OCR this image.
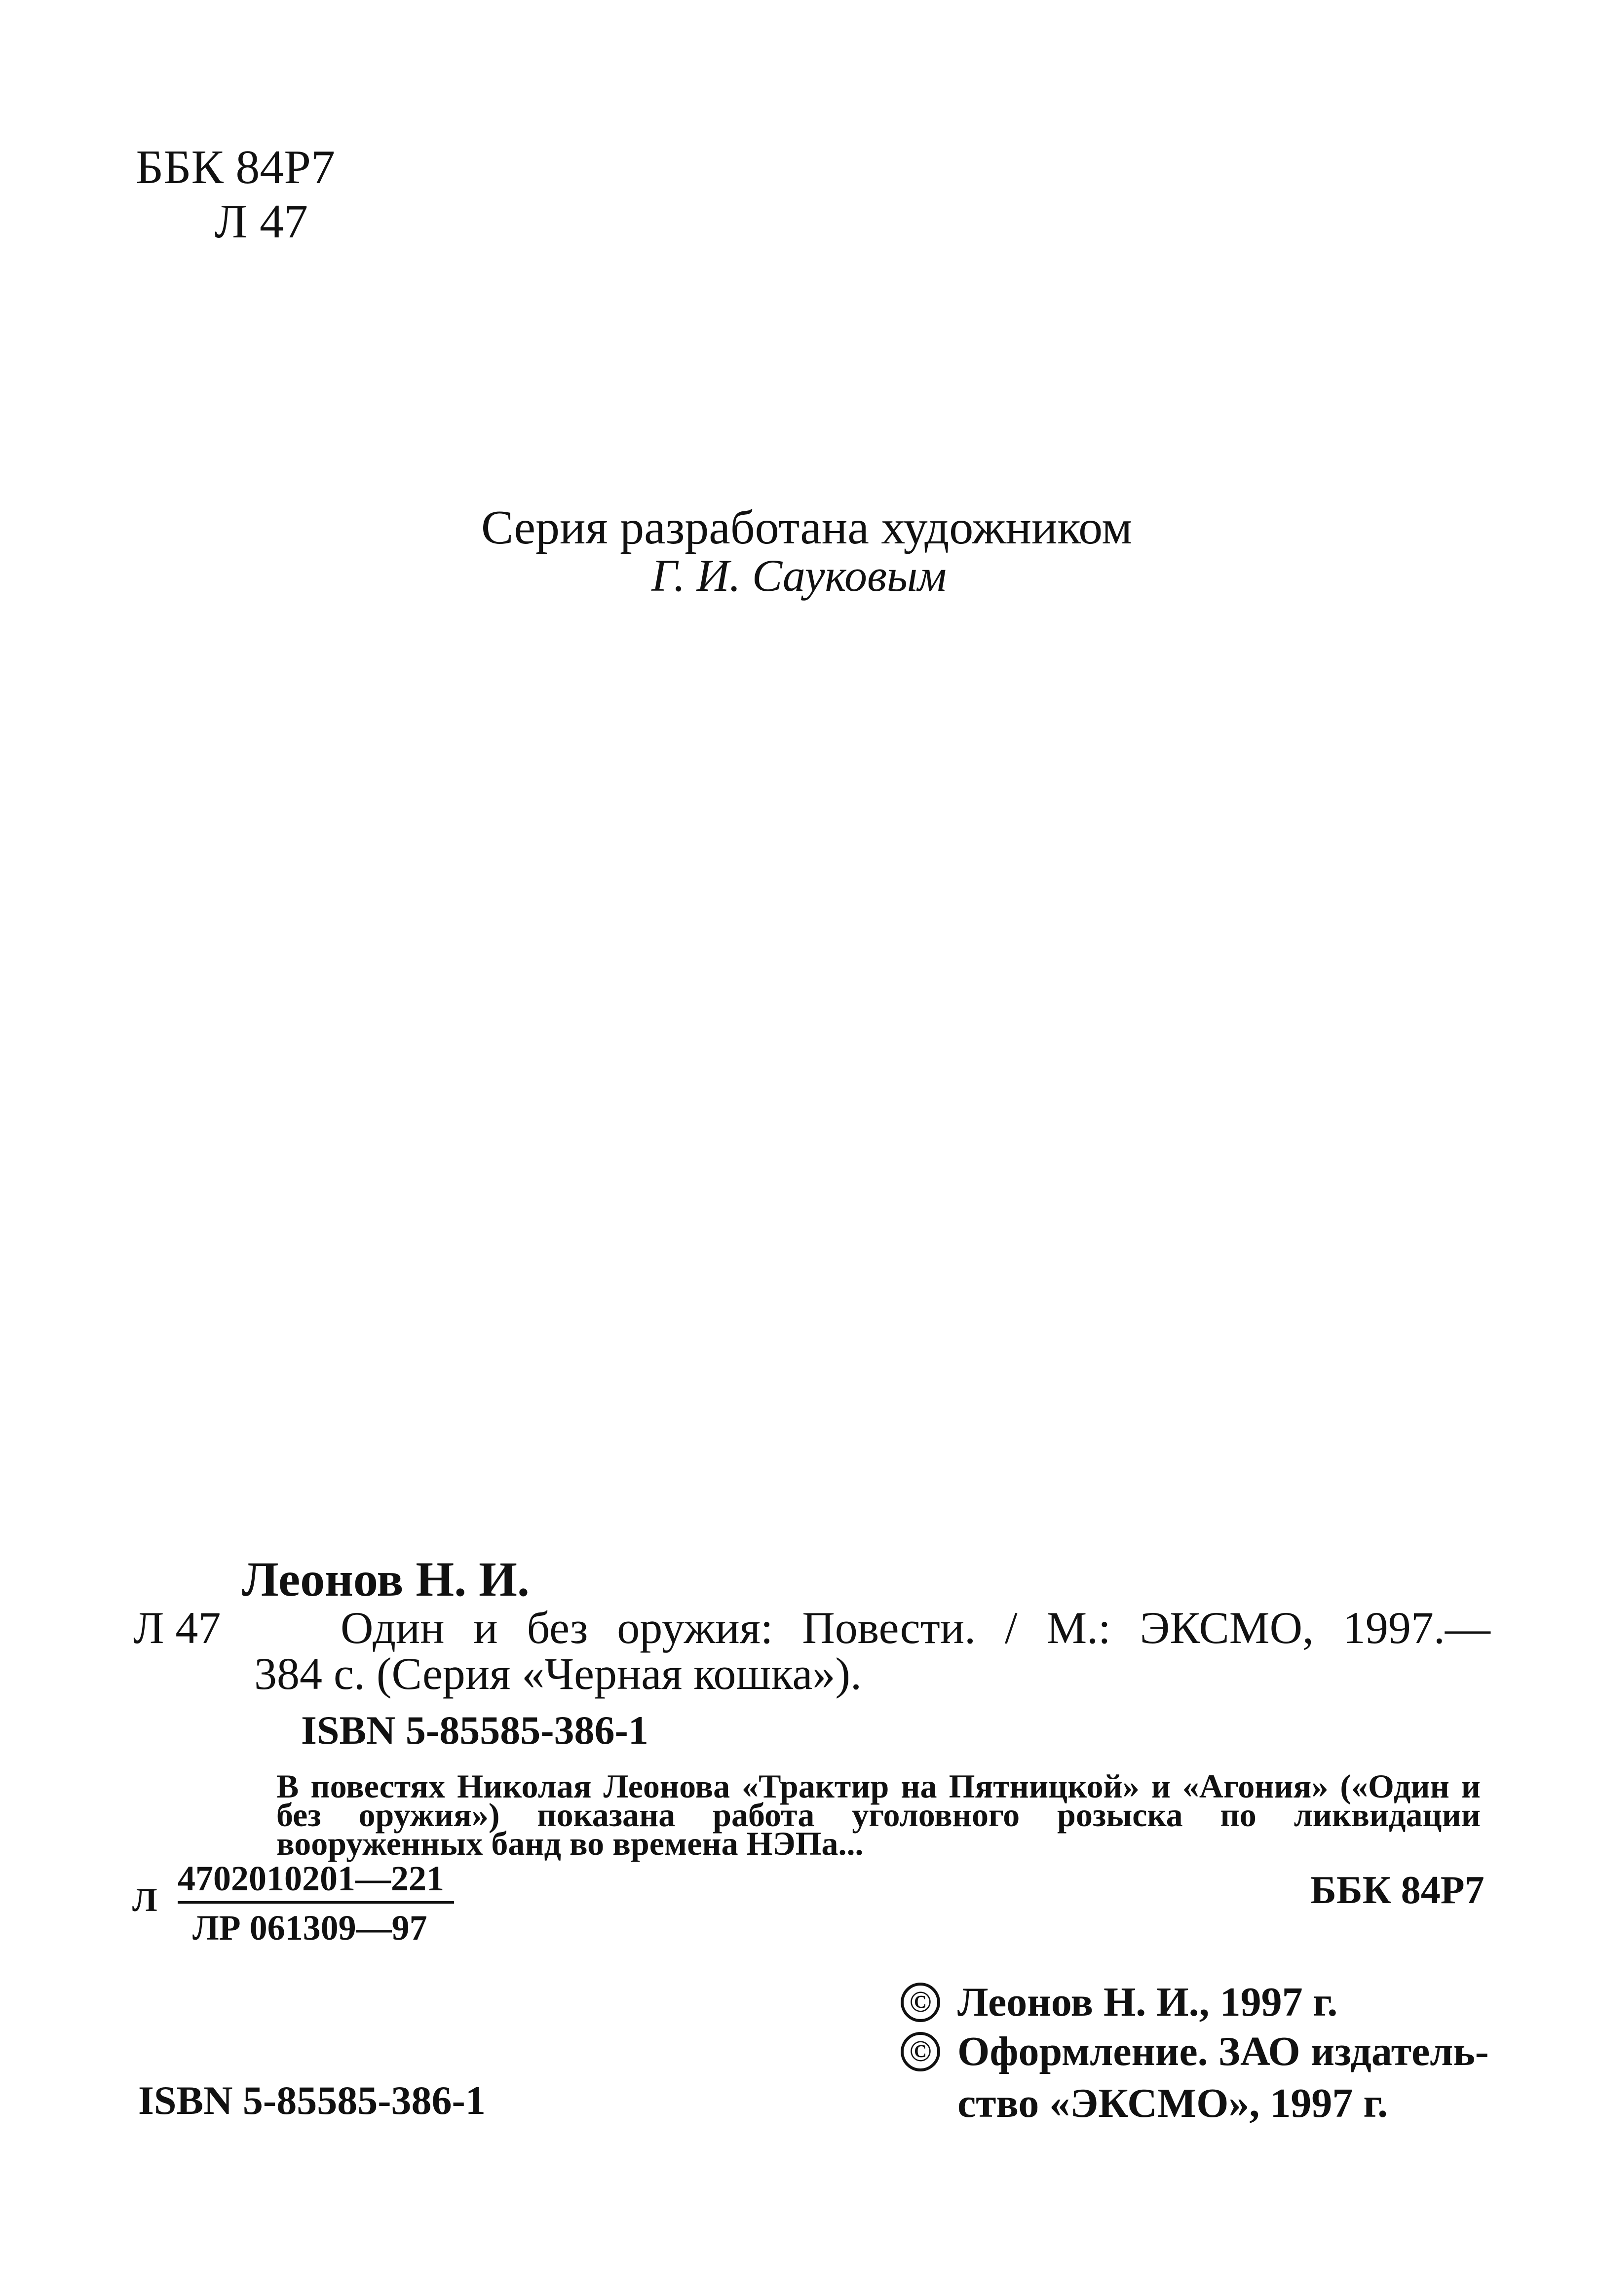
ББК 84Р7
Л 47
Серия разработана художником
Г. И. Сауковым
Леонов Н. И.
Л 47	Один и без оружия: Повести. / М.: ЭКСМО, 1997.—
384 с. (Серия «Черная кошка»).
ISBN 5-85585-386-1
В повестях Николая Леонова «Трактир на Пятницкой» и «Агония» («Один и без оружия») показана работа уголовного розыска по ликвидации вооруженных банд во времена НЭПа...
Л
4702010201—221
ЛР 061309—97
ББК 84Р7
© Леонов Н. И., 1997 г.
© Оформление. ЗАО издатель-
ство «ЭКСМО», 1997 г.
ISBN 5-85585-386-1
